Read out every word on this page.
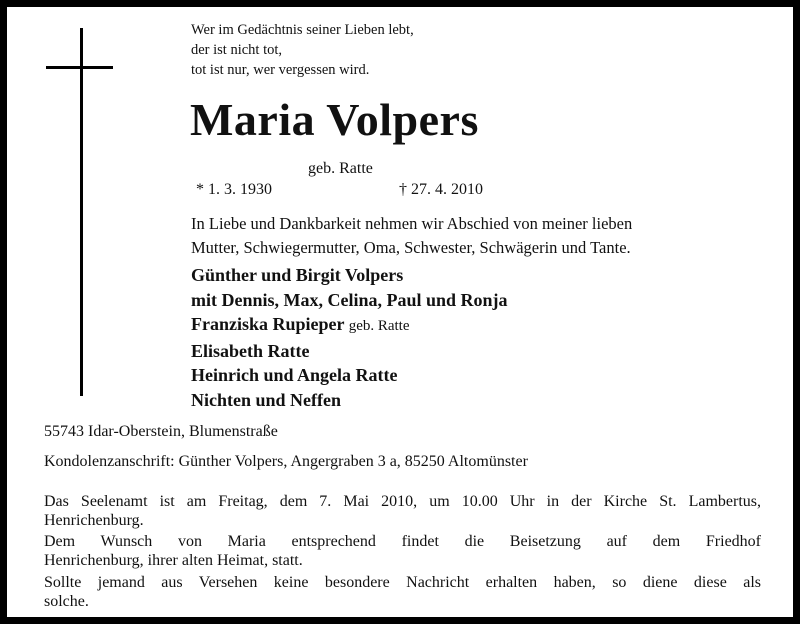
Wer im Gedächtnis seiner Lieben lebt,
der ist nicht tot,
tot ist nur, wer vergessen wird.
Maria Volpers
geb. Ratte
* 1. 3. 1930	† 27. 4. 2010
In Liebe und Dankbarkeit nehmen wir Abschied von meiner lieben
Mutter, Schwiegermutter, Oma, Schwester, Schwägerin und Tante.
Günther und Birgit Volpers
mit Dennis, Max, Celina, Paul und Ronja
Franziska Rupieper geb. Ratte
Elisabeth Ratte
Heinrich und Angela Ratte
Nichten und Neffen
55743 Idar-Oberstein, Blumenstraße
Kondolenzanschrift: Günther Volpers, Angergraben 3 a, 85250 Altomünster
Das Seelenamt ist am Freitag, dem 7. Mai 2010, um 10.00 Uhr in der Kirche St. Lambertus,
Henrichenburg.
Dem Wunsch von Maria entsprechend findet die Beisetzung auf dem Friedhof
Henrichenburg, ihrer alten Heimat, statt.
Sollte jemand aus Versehen keine besondere Nachricht erhalten haben, so diene diese als
solche.
